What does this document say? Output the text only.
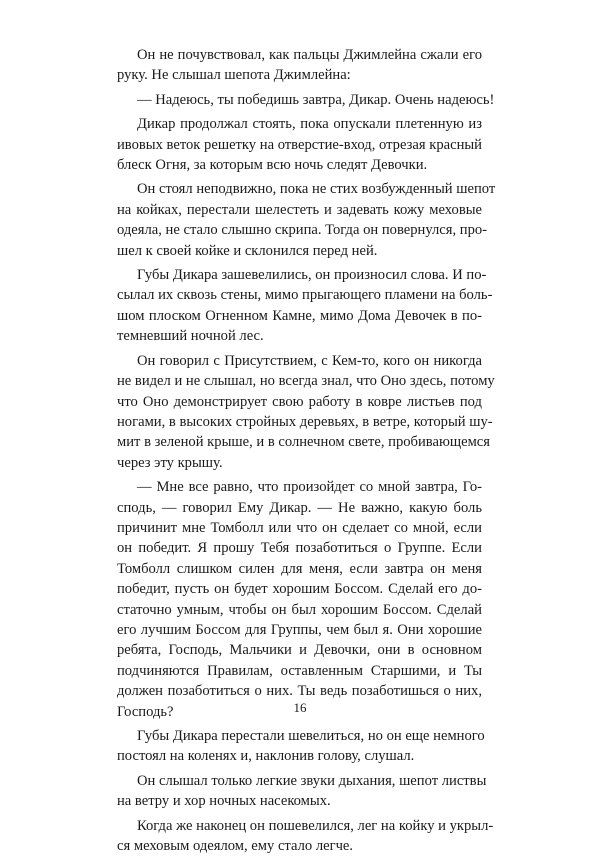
Он не почувствовал, как пальцы Джимлейна сжали его
руку. Не слышал шепота Джимлейна:

— Надеюсь, ты победишь завтра, Дикар. Очень надеюсь!

Дикар продолжал стоять, пока опускали плетенную из
ивовых веток решетку на отверстие-вход, отрезая красный
блеск Огня, за которым всю ночь следят Девочки.

Он стоял неподвижно, пока не стих возбужденный шепот
на койках, перестали шелестеть и задевать кожу меховые
одеяла, не стало слышно скрипа. Тогда он повернулся, про-
шел к своей койке и склонился перед ней.

Губы Дикара зашевелились, он произносил слова. И по-
сылал их сквозь стены, мимо прыгающего пламени на боль-
шом плоском Огненном Камне, мимо Дома Девочек в по-
темневший ночной лес.

Он говорил с Присутствием, с Кем-то, кого он никогда
не видел и не слышал, но всегда знал, что Оно здесь, потому
что Оно демонстрирует свою работу в ковре листьев под
ногами, в высоких стройных деревьях, в ветре, который шу-
мит в зеленой крыше, и в солнечном свете, пробивающемся
через эту крышу.

— Мне все равно, что произойдет со мной завтра, Го-
сподь, — говорил Ему Дикар. — Не важно, какую боль
причинит мне Томболл или что он сделает со мной, если
он победит. Я прошу Тебя позаботиться о Группе. Если
Томболл слишком силен для меня, если завтра он меня
победит, пусть он будет хорошим Боссом. Сделай его до-
статочно умным, чтобы он был хорошим Боссом. Сделай
его лучшим Боссом для Группы, чем был я. Они хорошие
ребята, Господь, Мальчики и Девочки, они в основном
подчиняются Правилам, оставленным Старшими, и Ты
должен позаботиться о них. Ты ведь позаботишься о них,
Господь?

Губы Дикара перестали шевелиться, но он еще немного
постоял на коленях и, наклонив голову, слушал.

Он слышал только легкие звуки дыхания, шепот листвы
на ветру и хор ночных насекомых.

Когда же наконец он пошевелился, лег на койку и укрыл-
ся меховым одеялом, ему стало легче.

16
